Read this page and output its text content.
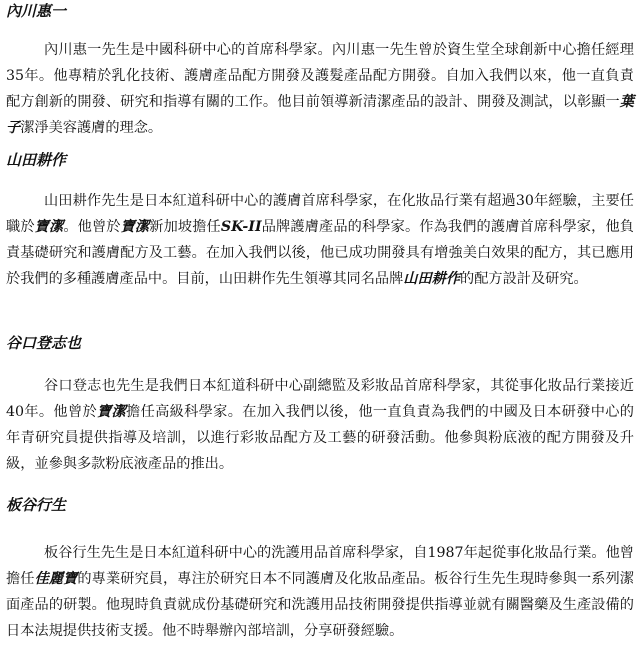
內川惠一

內川惠一先生是中國科研中心的首席科學家。內川惠一先生曾於資生堂全球創新中心擔任經理35年。他專精於乳化技術、護膚產品配方開發及護髮產品配方開發。自加入我們以來，他一直負責配方創新的開發、研究和指導有關的工作。他目前領導新清潔產品的設計、開發及測試，以彰顯一葉子潔淨美容護膚的理念。

山田耕作

山田耕作先生是日本紅道科研中心的護膚首席科學家，在化妝品行業有超過30年經驗，主要任職於寶潔。他曾於寶潔新加坡擔任SK-II品牌護膚產品的科學家。作為我們的護膚首席科學家，他負責基礎研究和護膚配方及工藝。在加入我們以後，他已成功開發具有增強美白效果的配方，其已應用於我們的多種護膚產品中。目前，山田耕作先生領導其同名品牌山田耕作的配方設計及研究。

谷口登志也

谷口登志也先生是我們日本紅道科研中心副總監及彩妝品首席科學家，其從事化妝品行業接近40年。他曾於寶潔擔任高級科學家。在加入我們以後，他一直負責為我們的中國及日本研發中心的年青研究員提供指導及培訓，以進行彩妝品配方及工藝的研發活動。他參與粉底液的配方開發及升級，並參與多款粉底液產品的推出。

板谷行生

板谷行生先生是日本紅道科研中心的洗護用品首席科學家，自1987年起從事化妝品行業。他曾擔任佳麗寶的專業研究員，專注於研究日本不同護膚及化妝品產品。板谷行生先生現時參與一系列潔面產品的研製。他現時負責就成份基礎研究和洗護用品技術開發提供指導並就有關醫藥及生產設備的日本法規提供技術支援。他不時舉辦內部培訓，分享研發經驗。
